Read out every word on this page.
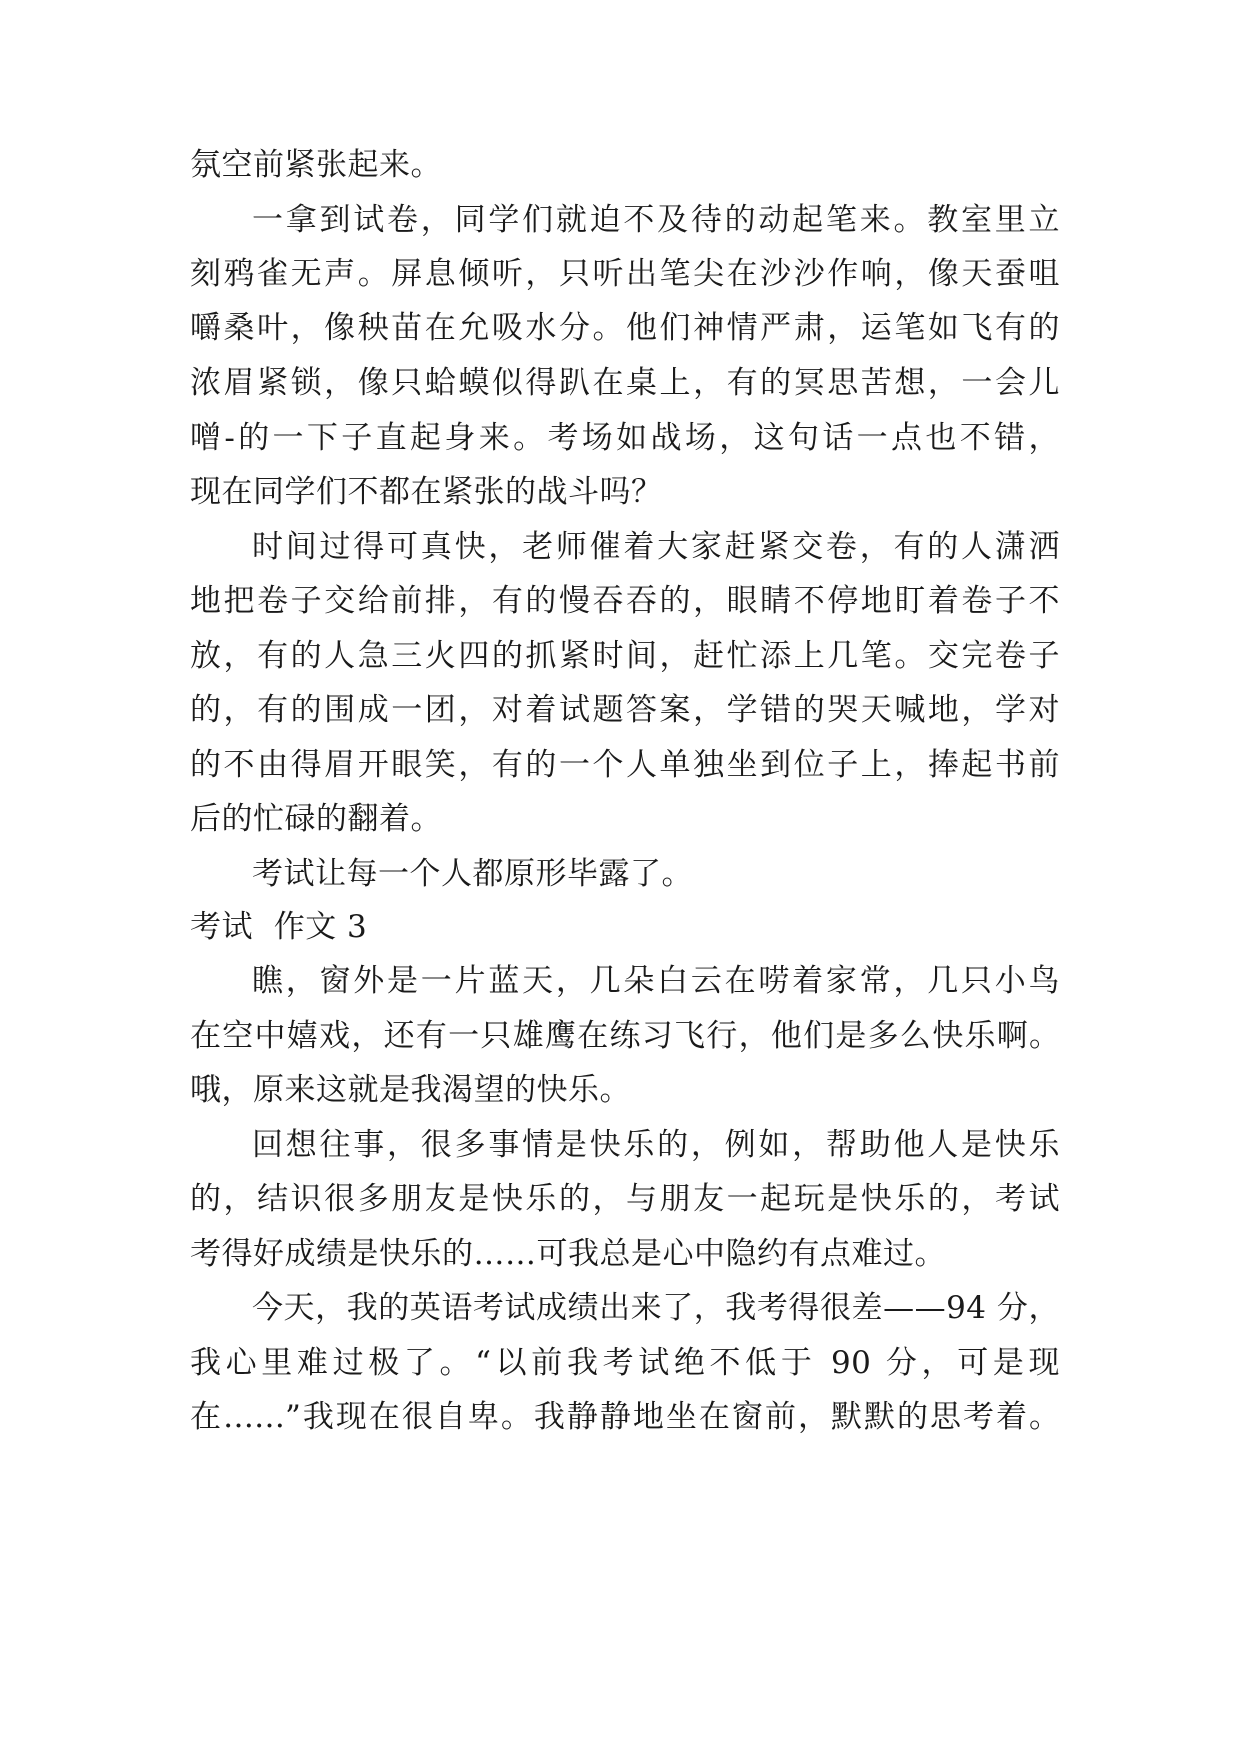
氛空前紧张起来。
一拿到试卷，同学们就迫不及待的动起笔来。教室里立
刻鸦雀无声。屏息倾听，只听出笔尖在沙沙作响，像天蚕咀
嚼桑叶，像秧苗在允吸水分。他们神情严肃，运笔如飞有的
浓眉紧锁，像只蛤蟆似得趴在桌上，有的冥思苦想，一会儿
噌-的一下子直起身来。考场如战场，这句话一点也不错，
现在同学们不都在紧张的战斗吗？
时间过得可真快，老师催着大家赶紧交卷，有的人潇洒
地把卷子交给前排，有的慢吞吞的，眼睛不停地盯着卷子不
放，有的人急三火四的抓紧时间，赶忙添上几笔。交完卷子
的，有的围成一团，对着试题答案，学错的哭天喊地，学对
的不由得眉开眼笑，有的一个人单独坐到位子上，捧起书前
后的忙碌的翻着。
考试让每一个人都原形毕露了。
考试  作文 3
瞧，窗外是一片蓝天，几朵白云在唠着家常，几只小鸟
在空中嬉戏，还有一只雄鹰在练习飞行，他们是多么快乐啊。
哦，原来这就是我渴望的快乐。
回想往事，很多事情是快乐的，例如，帮助他人是快乐
的，结识很多朋友是快乐的，与朋友一起玩是快乐的，考试
考得好成绩是快乐的……可我总是心中隐约有点难过。
今天，我的英语考试成绩出来了，我考得很差——94 分，
我心里难过极了。“以前我考试绝不低于 90 分，可是现
在……”我现在很自卑。我静静地坐在窗前，默默的思考着。
